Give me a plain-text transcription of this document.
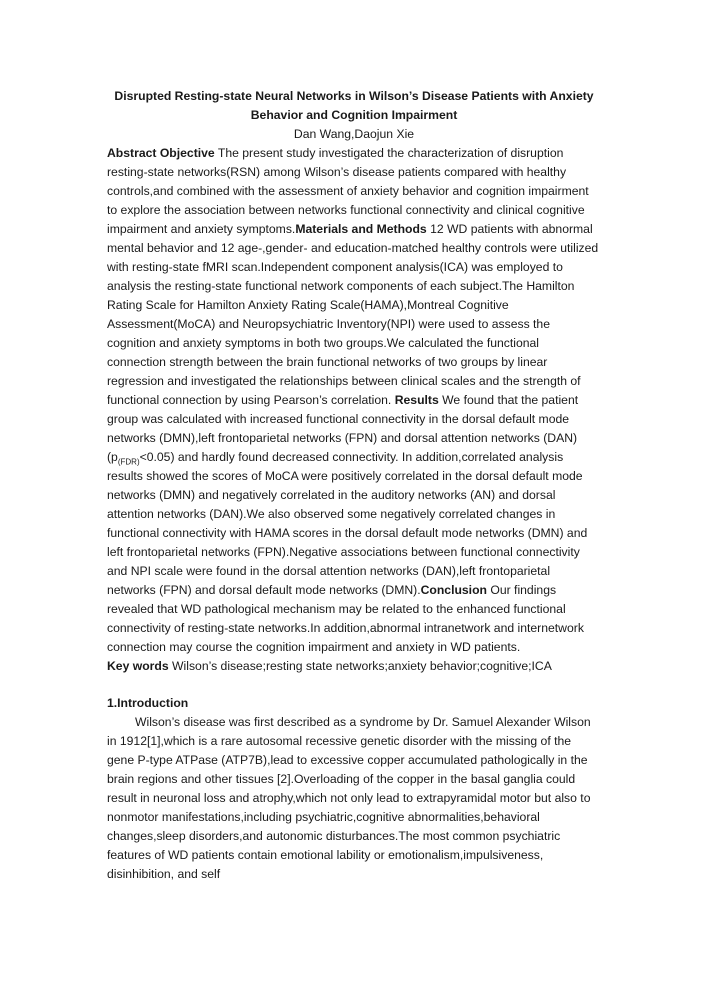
Disrupted Resting-state Neural Networks in Wilson’s Disease Patients with Anxiety Behavior and Cognition Impairment

Dan Wang,Daojun Xie

Abstract Objective The present study investigated the characterization of disruption resting-state networks(RSN) among Wilson’s disease patients compared with healthy controls,and combined with the assessment of anxiety behavior and cognition impairment to explore the association between networks functional connectivity and clinical cognitive impairment and anxiety symptoms.Materials and Methods 12 WD patients with abnormal mental behavior and 12 age-,gender- and education-matched healthy controls were utilized with resting-state fMRI scan.Independent component analysis(ICA) was employed to analysis the resting-state functional network components of each subject.The Hamilton Rating Scale for Hamilton Anxiety Rating Scale(HAMA),Montreal Cognitive Assessment(MoCA) and Neuropsychiatric Inventory(NPI) were used to assess the cognition and anxiety symptoms in both two groups.We calculated the functional connection strength between the brain functional networks of two groups by linear regression and investigated the relationships between clinical scales and the strength of functional connection by using Pearson’s correlation. Results We found that the patient group was calculated with increased functional connectivity in the dorsal default mode networks (DMN),left frontoparietal networks (FPN) and dorsal attention networks (DAN) $(p_{(FDR)}<0.05)$ and hardly found decreased connectivity. In addition,correlated analysis results showed the scores of MoCA were positively correlated in the dorsal default mode networks (DMN) and negatively correlated in the auditory networks (AN) and dorsal attention networks (DAN).We also observed some negatively correlated changes in functional connectivity with HAMA scores in the dorsal default mode networks (DMN) and left frontoparietal networks (FPN).Negative associations between functional connectivity and NPI scale were found in the dorsal attention networks (DAN),left frontoparietal networks (FPN) and dorsal default mode networks (DMN).Conclusion Our findings revealed that WD pathological mechanism may be related to the enhanced functional connectivity of resting-state networks.In addition,abnormal intranetwork and internetwork connection may course the cognition impairment and anxiety in WD patients.

Key words Wilson’s disease;resting state networks;anxiety behavior;cognitive;ICA

1.Introduction

Wilson’s disease was first described as a syndrome by Dr. Samuel Alexander Wilson in 1912[1],which is a rare autosomal recessive genetic disorder with the missing of the gene P-type ATPase (ATP7B),lead to excessive copper accumulated pathologically in the brain regions and other tissues [2].Overloading of the copper in the basal ganglia could result in neuronal loss and atrophy,which not only lead to extrapyramidal motor but also to nonmotor manifestations,including psychiatric,cognitive abnormalities,behavioral changes,sleep disorders,and autonomic disturbances.The most common psychiatric features of WD patients contain emotional lability or emotionalism,impulsiveness, disinhibition, and self
